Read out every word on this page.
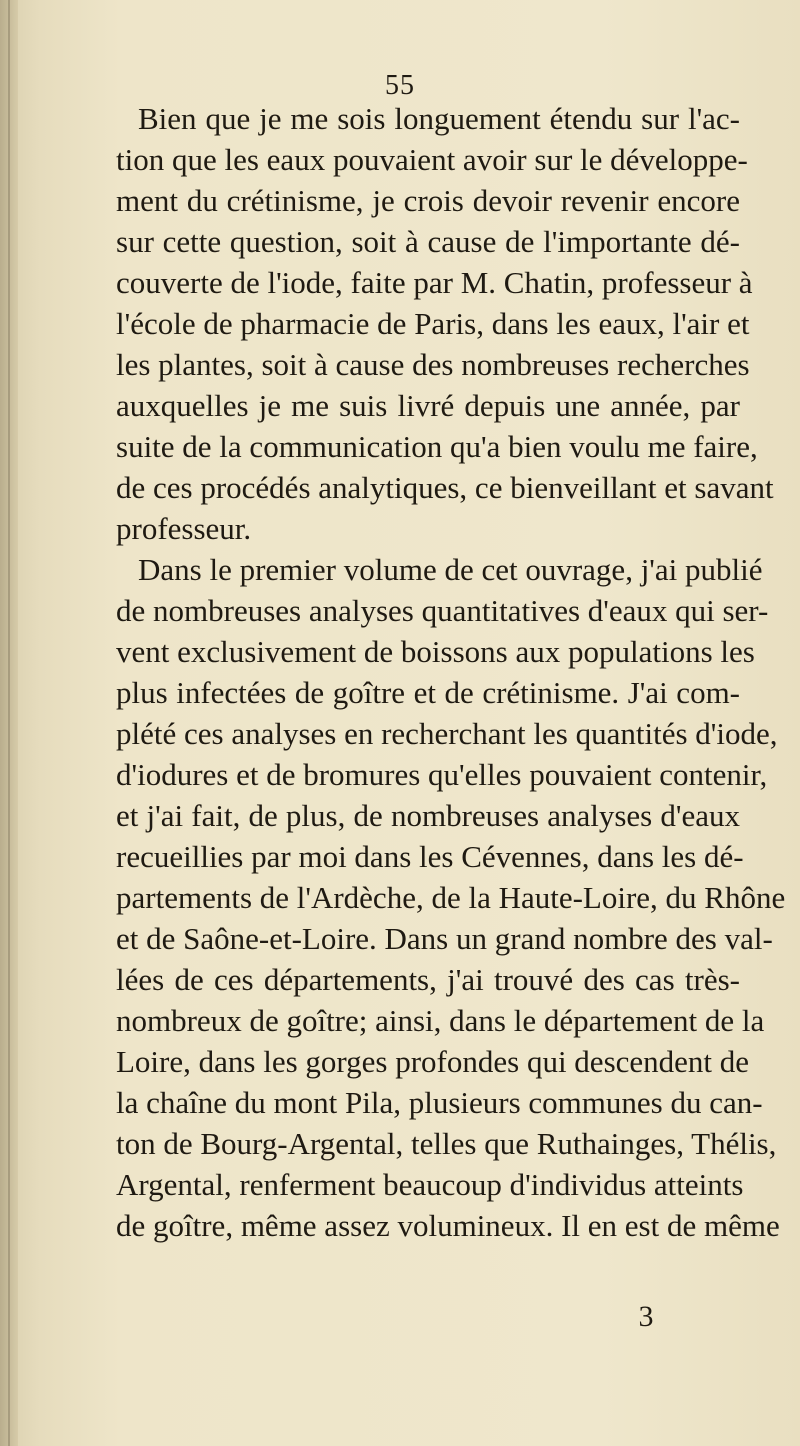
55
Bien que je me sois longuement étendu sur l'ac-
tion que les eaux pouvaient avoir sur le développe-
ment du crétinisme, je crois devoir revenir encore
sur cette question, soit à cause de l'importante dé-
couverte de l'iode, faite par M. Chatin, professeur à
l'école de pharmacie de Paris, dans les eaux, l'air et
les plantes, soit à cause des nombreuses recherches
auxquelles je me suis livré depuis une année, par
suite de la communication qu'a bien voulu me faire,
de ces procédés analytiques, ce bienveillant et savant
professeur.
Dans le premier volume de cet ouvrage, j'ai publié
de nombreuses analyses quantitatives d'eaux qui ser-
vent exclusivement de boissons aux populations les
plus infectées de goître et de crétinisme. J'ai com-
plété ces analyses en recherchant les quantités d'iode,
d'iodures et de bromures qu'elles pouvaient contenir,
et j'ai fait, de plus, de nombreuses analyses d'eaux
recueillies par moi dans les Cévennes, dans les dé-
partements de l'Ardèche, de la Haute-Loire, du Rhône
et de Saône-et-Loire. Dans un grand nombre des val-
lées de ces départements, j'ai trouvé des cas très-
nombreux de goître; ainsi, dans le département de la
Loire, dans les gorges profondes qui descendent de
la chaîne du mont Pila, plusieurs communes du can-
ton de Bourg-Argental, telles que Ruthainges, Thélis,
Argental, renferment beaucoup d'individus atteints
de goître, même assez volumineux. Il en est de même
3
